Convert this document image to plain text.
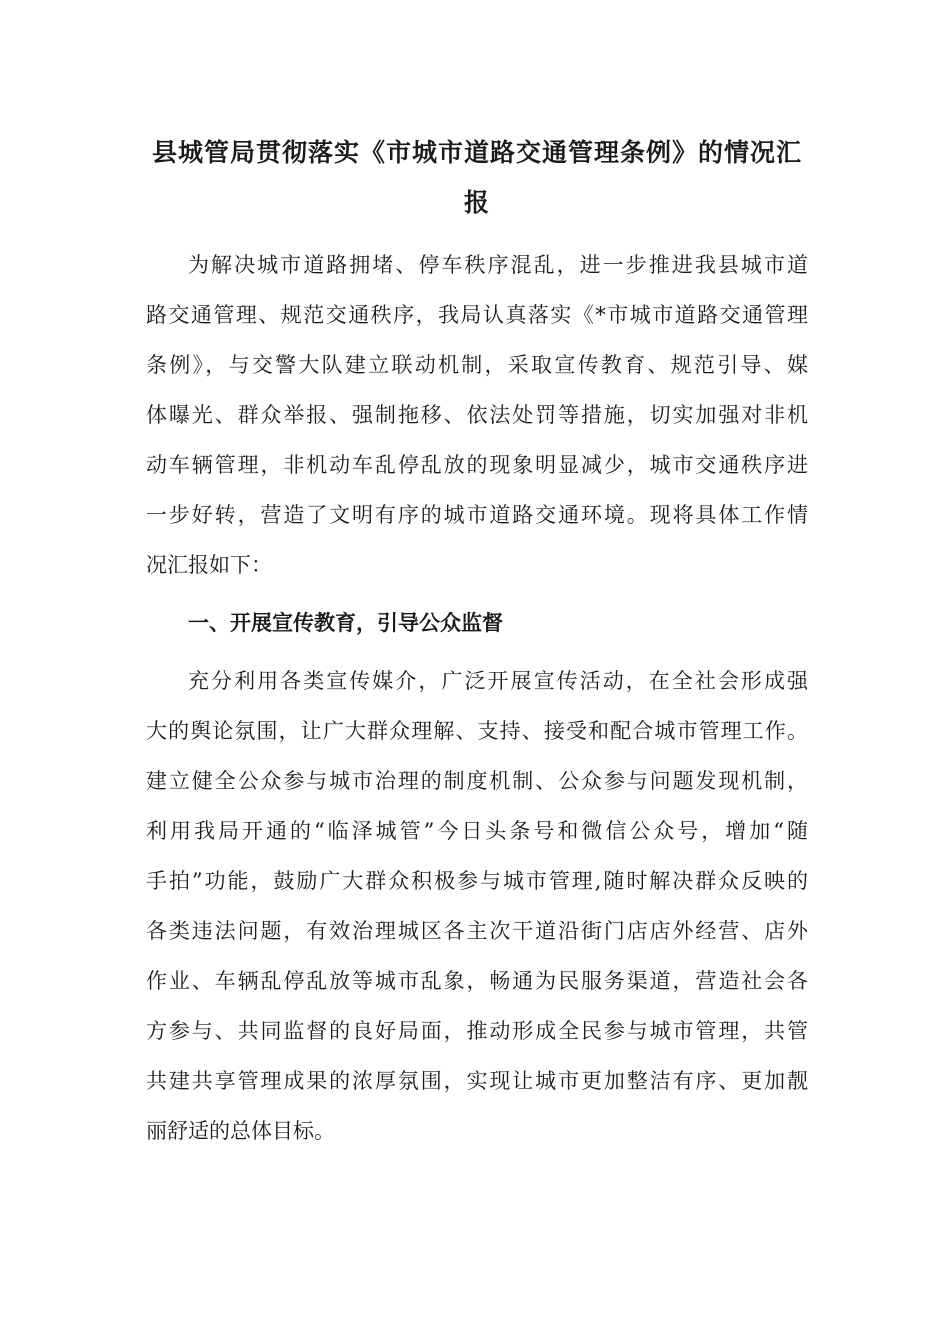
县城管局贯彻落实《市城市道路交通管理条例》的情况汇
报

为解决城市道路拥堵、停车秩序混乱，进一步推进我县城市道
路交通管理、规范交通秩序，我局认真落实《*市城市道路交通管理
条例》，与交警大队建立联动机制，采取宣传教育、规范引导、媒
体曝光、群众举报、强制拖移、依法处罚等措施，切实加强对非机
动车辆管理，非机动车乱停乱放的现象明显减少，城市交通秩序进
一步好转，营造了文明有序的城市道路交通环境。现将具体工作情
况汇报如下：

一、开展宣传教育，引导公众监督

充分利用各类宣传媒介，广泛开展宣传活动，在全社会形成强
大的舆论氛围，让广大群众理解、支持、接受和配合城市管理工作。
建立健全公众参与城市治理的制度机制、公众参与问题发现机制，
利用我局开通的“临泽城管”今日头条号和微信公众号，增加“随
手拍”功能，鼓励广大群众积极参与城市管理,随时解决群众反映的
各类违法问题，有效治理城区各主次干道沿街门店店外经营、店外
作业、车辆乱停乱放等城市乱象，畅通为民服务渠道，营造社会各
方参与、共同监督的良好局面，推动形成全民参与城市管理，共管
共建共享管理成果的浓厚氛围，实现让城市更加整洁有序、更加靓
丽舒适的总体目标。
